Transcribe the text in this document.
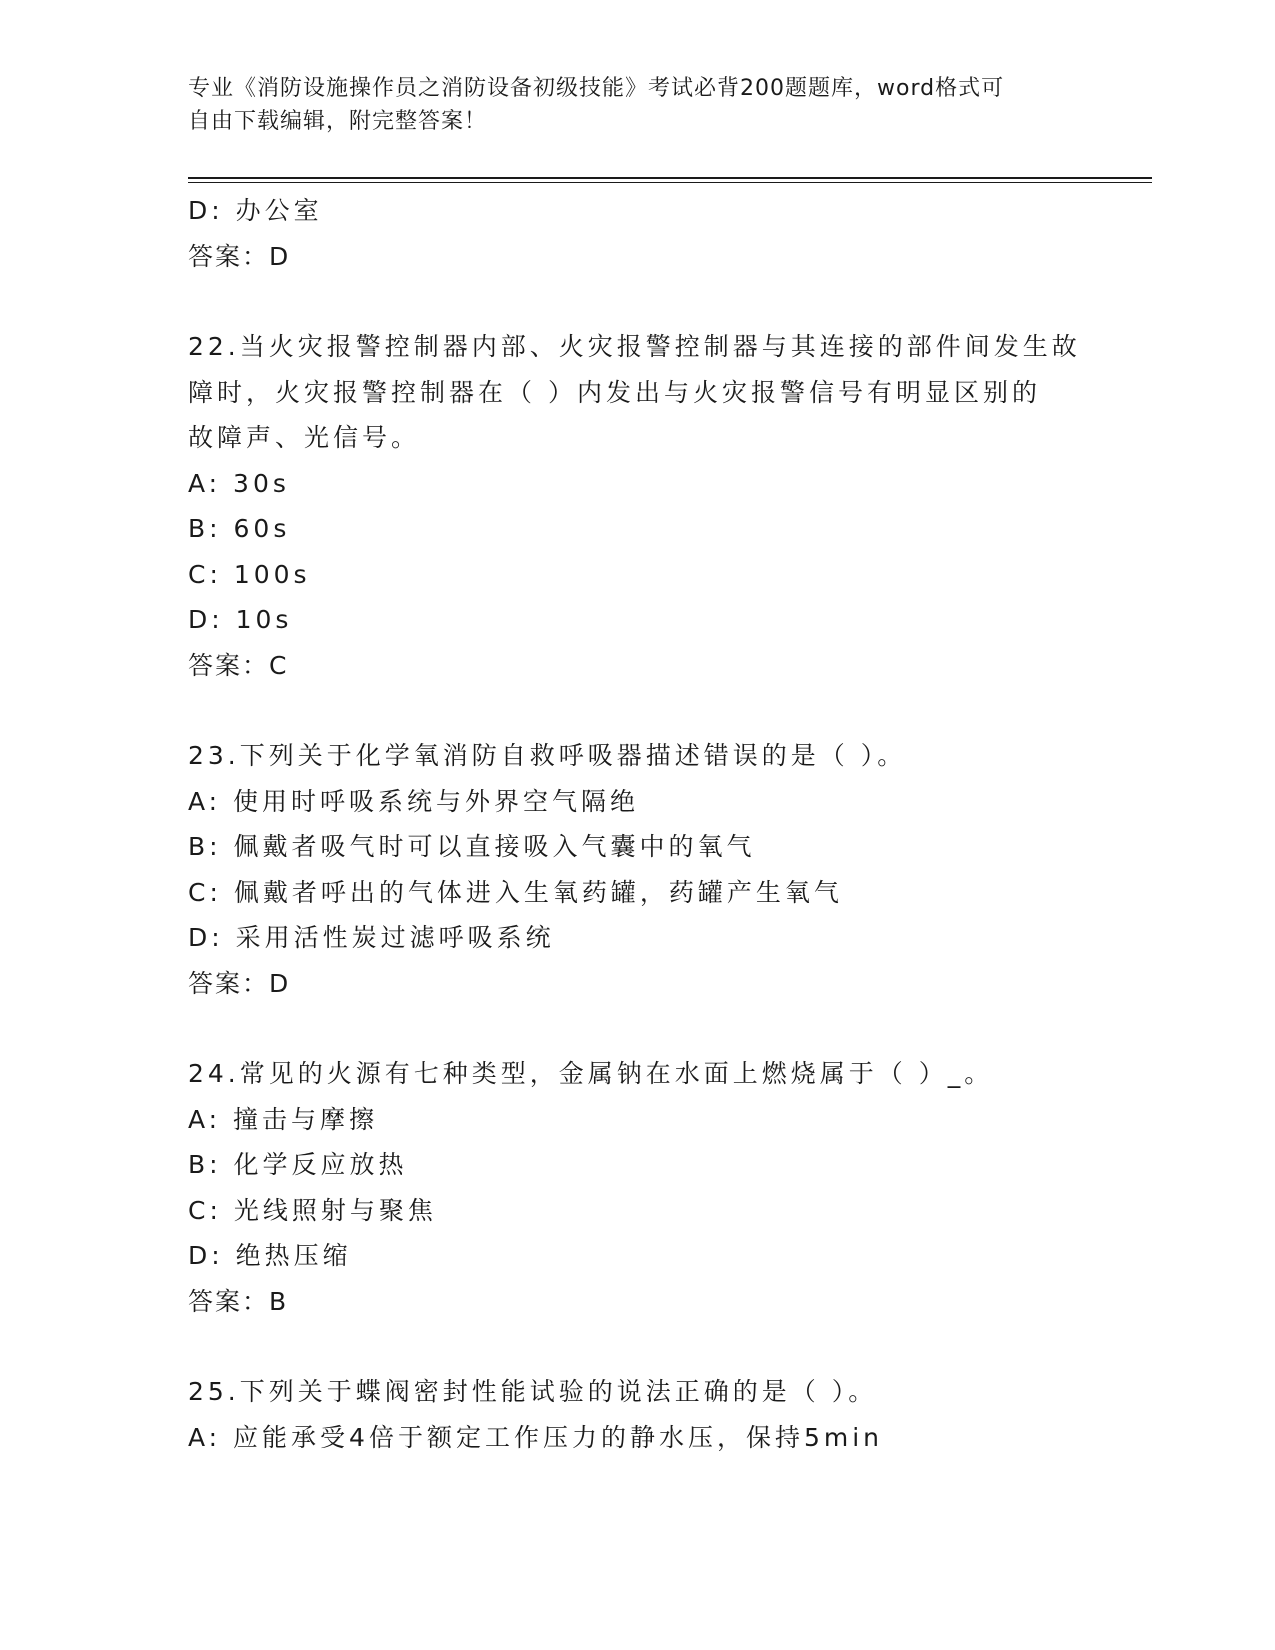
专业《消防设施操作员之消防设备初级技能》考试必背200题题库，word格式可
自由下载编辑，附完整答案！
D: 办公室
答案：D
22.当火灾报警控制器内部、火灾报警控制器与其连接的部件间发生故
障时，火灾报警控制器在（ ）内发出与火灾报警信号有明显区别的
故障声、光信号。
A: 30s
B: 60s
C: 100s
D: 10s
答案：C
23.下列关于化学氧消防自救呼吸器描述错误的是（ ）。
A: 使用时呼吸系统与外界空气隔绝
B: 佩戴者吸气时可以直接吸入气囊中的氧气
C: 佩戴者呼出的气体进入生氧药罐，药罐产生氧气
D: 采用活性炭过滤呼吸系统
答案：D
24.常见的火源有七种类型，金属钠在水面上燃烧属于（ ）_。
A: 撞击与摩擦
B: 化学反应放热
C: 光线照射与聚焦
D: 绝热压缩
答案：B
25.下列关于蝶阀密封性能试验的说法正确的是（ ）。
A: 应能承受4倍于额定工作压力的静水压，保持5min
